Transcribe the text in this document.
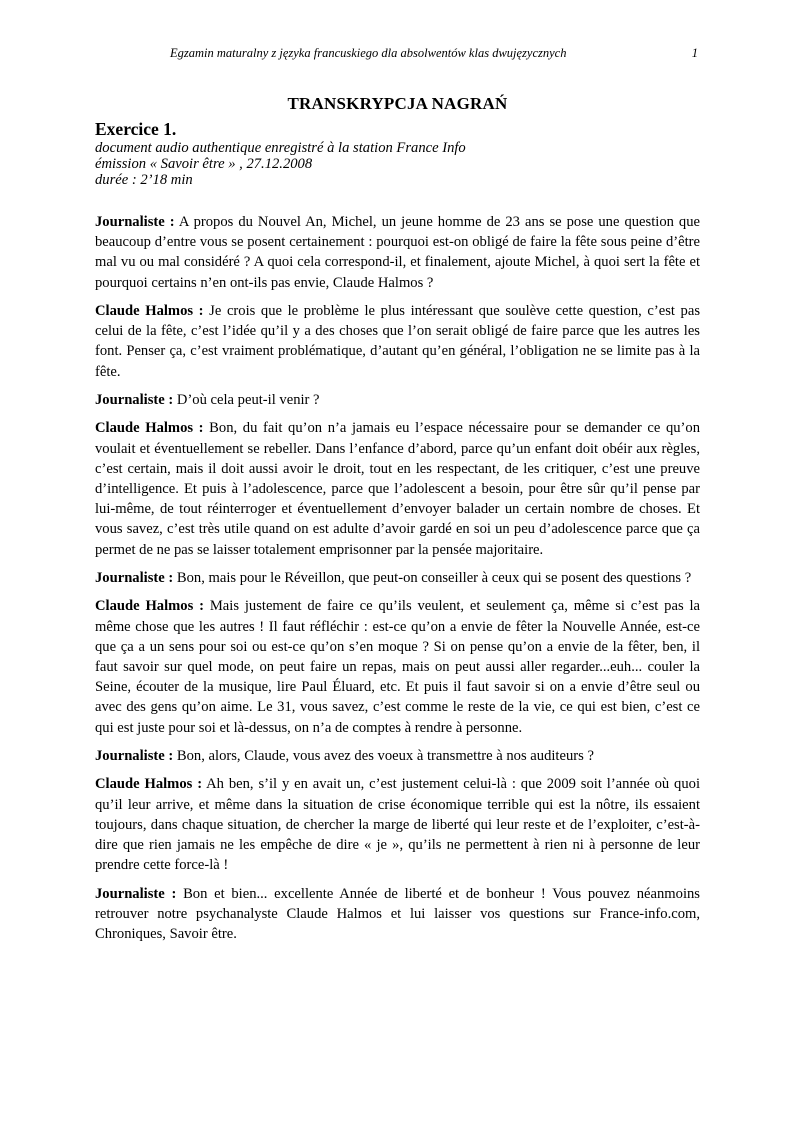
Egzamin maturalny z języka francuskiego dla absolwentów klas dwujęzycznych	1
TRANSKRYPCJA NAGRAŃ
Exercice 1.
document audio authentique enregistré à la station France Info
émission « Savoir être » , 27.12.2008
durée : 2’18 min

Journaliste : A propos du Nouvel An, Michel, un jeune homme de 23 ans se pose une question que beaucoup d’entre vous se posent certainement : pourquoi est-on obligé de faire la fête sous peine d’être mal vu ou mal considéré ? A quoi cela correspond-il, et finalement, ajoute Michel, à quoi sert la fête et pourquoi certains n’en ont-ils pas envie, Claude Halmos ?

Claude Halmos : Je crois que le problème le plus intéressant que soulève cette question, c’est pas celui de la fête, c’est l’idée qu’il y a des choses que l’on serait obligé de faire parce que les autres les font. Penser ça, c’est vraiment problématique, d’autant qu’en général, l’obligation ne se limite pas à la fête.

Journaliste : D’où cela peut-il venir ?

Claude Halmos : Bon, du fait qu’on n’a jamais eu l’espace nécessaire pour se demander ce qu’on voulait et éventuellement se rebeller. Dans l’enfance d’abord, parce qu’un enfant doit obéir aux règles, c’est certain, mais il doit aussi avoir le droit, tout en les respectant, de les critiquer, c’est une preuve d’intelligence. Et puis à l’adolescence, parce que l’adolescent a besoin, pour être sûr qu’il pense par lui-même, de tout réinterroger et éventuellement d’envoyer balader un certain nombre de choses. Et vous savez, c’est très utile quand on est adulte d’avoir gardé en soi un peu d’adolescence parce que ça permet de ne pas se laisser totalement emprisonner par la pensée majoritaire.

Journaliste : Bon, mais pour le Réveillon, que peut-on conseiller à ceux qui se posent des questions ?

Claude Halmos : Mais justement de faire ce qu’ils veulent, et seulement ça, même si c’est pas la même chose que les autres ! Il faut réfléchir : est-ce qu’on a envie de fêter la Nouvelle Année, est-ce que ça a un sens pour soi ou est-ce qu’on s’en moque ? Si on pense qu’on a envie de la fêter, ben, il faut savoir sur quel mode, on peut faire un repas, mais on peut aussi aller regarder...euh... couler la Seine, écouter de la musique, lire Paul Éluard, etc. Et puis il faut savoir si on a envie d’être seul ou avec des gens qu’on aime. Le 31, vous savez, c’est comme le reste de la vie, ce qui est bien, c’est ce qui est juste pour soi et là-dessus, on n’a de comptes à rendre à personne.

Journaliste : Bon, alors, Claude, vous avez des voeux à transmettre à nos auditeurs ?

Claude Halmos : Ah ben, s’il y en avait un, c’est justement celui-là : que 2009 soit l’année où quoi qu’il leur arrive, et même dans la situation de crise économique terrible qui est la nôtre, ils essaient toujours, dans chaque situation, de chercher la marge de liberté qui leur reste et de l’exploiter, c’est-à-dire que rien jamais ne les empêche de dire « je », qu’ils ne permettent à rien ni à personne de leur prendre cette force-là !

Journaliste : Bon et bien... excellente Année de liberté et de bonheur ! Vous pouvez néanmoins retrouver notre psychanalyste Claude Halmos et lui laisser vos questions sur France-info.com, Chroniques, Savoir être.
